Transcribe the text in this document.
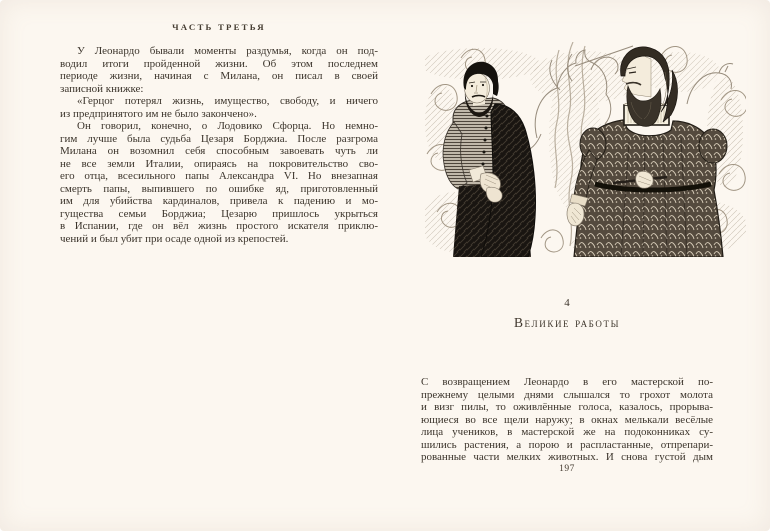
ЧАСТЬ ТРЕТЬЯ
У Леонардо бывали моменты раздумья, когда он под-
водил итоги пройденной жизни. Об этом последнем
периоде жизни, начиная с Милана, он писал в своей
записной книжке:
«Герцог потерял жизнь, имущество, свободу, и ничего
из предпринятого им не было закончено».
Он говорил, конечно, о Лодовико Сфорца. Но немно-
гим лучше была судьба Цезаря Борджиа. После разгрома
Милана он возомнил себя способным завоевать чуть ли
не все земли Италии, опираясь на покровительство сво-
его отца, всесильного папы Александра VI. Но внезапная
смерть папы, выпившего по ошибке яд, приготовленный
им для убийства кардиналов, привела к падению и мо-
гущества семьи Борджиа; Цезарю пришлось укрыться
в Испании, где он вёл жизнь простого искателя приклю-
чений и был убит при осаде одной из крепостей.
4
Великие работы
С возвращением Леонардо в его мастерской по-
прежнему целыми днями слышался то грохот молота
и визг пилы, то оживлённые голоса, казалось, прорыва-
ющиеся во все щели наружу; в окнах мелькали весёлые
лица учеников, в мастерской же на подоконниках су-
шились растения, а порою и распластанные, отпрепари-
рованные части мелких животных. И снова густой дым
197
